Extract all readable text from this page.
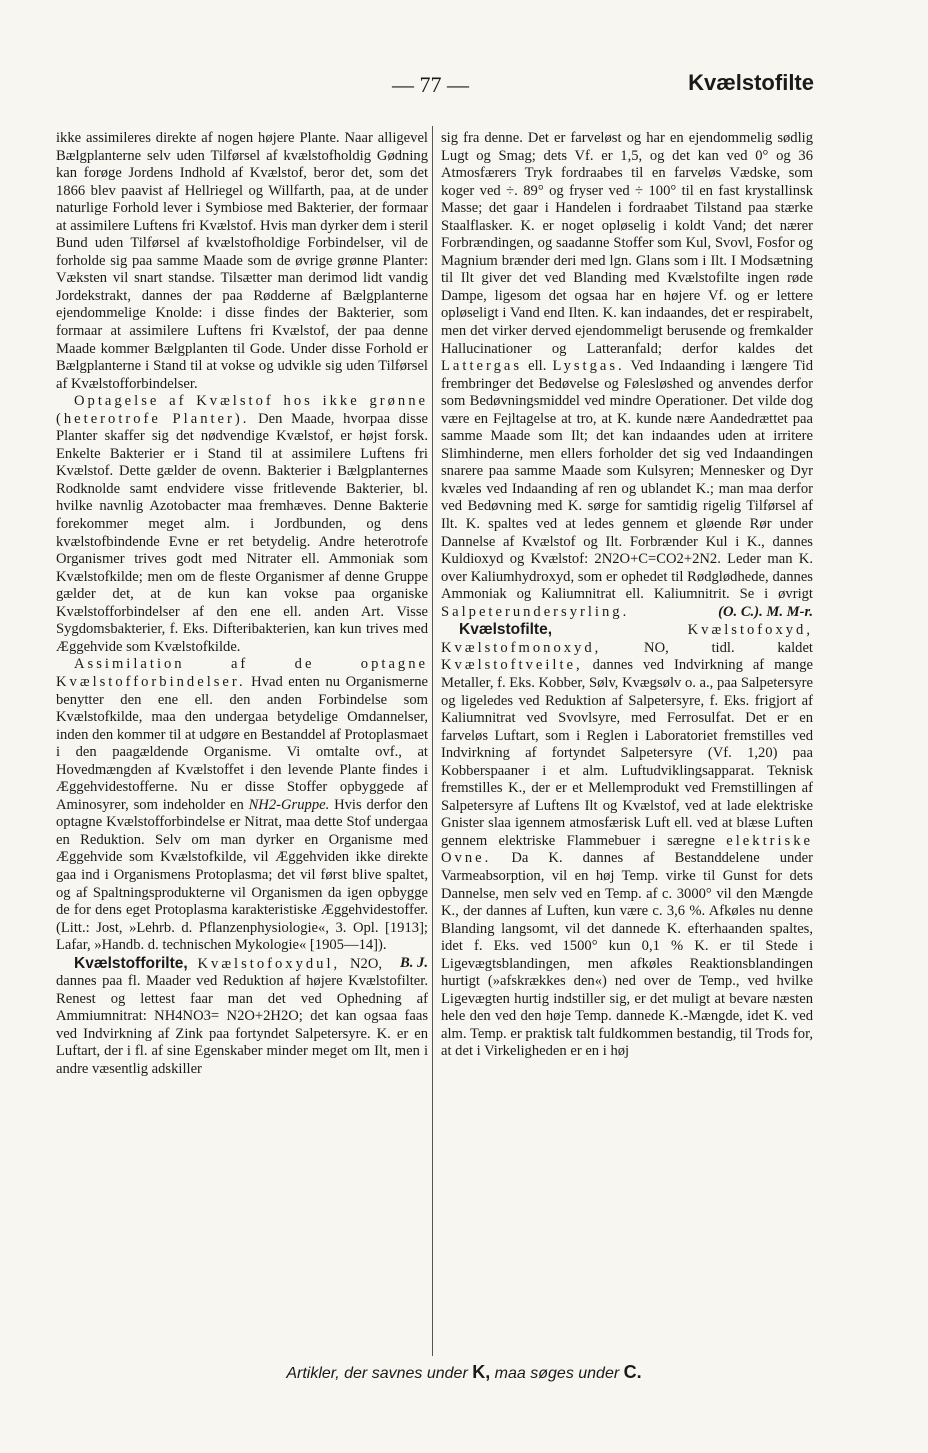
— 77 —	Kvælstofilte

ikke assimileres direkte af nogen højere Plante. Naar alligevel Bælgplanterne selv uden Tilførsel af kvælstofholdig Gødning kan forøge Jordens Indhold af Kvælstof, beror det, som det 1866 blev paavist af Hellriegel og Willfarth, paa, at de under naturlige Forhold lever i Symbiose med Bakterier, der formaar at assimilere Luftens fri Kvælstof. Hvis man dyrker dem i steril Bund uden Tilførsel af kvælstofholdige Forbindelser, vil de forholde sig paa samme Maade som de øvrige grønne Planter: Væksten vil snart standse. Tilsætter man derimod lidt vandig Jordekstrakt, dannes der paa Rødderne af Bælgplanterne ejendommelige Knolde: i disse findes der Bakterier, som formaar at assimilere Luftens fri Kvælstof, der paa denne Maade kommer Bælgplanten til Gode. Under disse Forhold er Bælgplanterne i Stand til at vokse og udvikle sig uden Tilførsel af Kvælstofforbindelser.

Optagelse af Kvælstof hos ikke grønne (heterotrofe Planter). Den Maade, hvorpaa disse Planter skaffer sig det nødvendige Kvælstof, er højst forsk. Enkelte Bakterier er i Stand til at assimilere Luftens fri Kvælstof. Dette gælder de ovenn. Bakterier i Bælgplanternes Rodknolde samt endvidere visse fritlevende Bakterier, bl. hvilke navnlig Azotobacter maa fremhæves. Denne Bakterie forekommer meget alm. i Jordbunden, og dens kvælstofbindende Evne er ret betydelig. Andre heterotrofe Organismer trives godt med Nitrater ell. Ammoniak som Kvælstofkilde; men om de fleste Organismer af denne Gruppe gælder det, at de kun kan vokse paa organiske Kvælstofforbindelser af den ene ell. anden Art. Visse Sygdomsbakterier, f. Eks. Difteribakterien, kan kun trives med Æggehvide som Kvælstofkilde.

Assimilation af de optagne Kvælstofforbindelser. Hvad enten nu Organismerne benytter den ene ell. den anden Forbindelse som Kvælstofkilde, maa den undergaa betydelige Omdannelser, inden den kommer til at udgøre en Bestanddel af Protoplasmaet i den paagældende Organisme. Vi omtalte ovf., at Hovedmængden af Kvælstoffet i den levende Plante findes i Æggehvidestofferne. Nu er disse Stoffer opbyggede af Aminosyrer, som indeholder en NH2-Gruppe. Hvis derfor den optagne Kvælstofforbindelse er Nitrat, maa dette Stof undergaa en Reduktion. Selv om man dyrker en Organisme med Æggehvide som Kvælstofkilde, vil Æggehviden ikke direkte gaa ind i Organismens Protoplasma; det vil først blive spaltet, og af Spaltningsprodukterne vil Organismen da igen opbygge de for dens eget Protoplasma karakteristiske Æggehvidestoffer. (Litt.: Jost, »Lehrb. d. Pflanzenphysiologie«, 3. Opl. [1913]; Lafar, »Handb. d. technischen Mykologie« [1905—14]).
B. J.

Kvælstofforilte, Kvælstofoxydul, N2O, dannes paa fl. Maader ved Reduktion af højere Kvælstofilter. Renest og lettest faar man det ved Ophedning af Ammiumnitrat: NH4NO3= N2O+2H2O; det kan ogsaa faas ved Indvirkning af Zink paa fortyndet Salpetersyre. K. er en Luftart, der i fl. af sine Egenskaber minder meget om Ilt, men i andre væsentlig adskiller

sig fra denne. Det er farveløst og har en ejendommelig sødlig Lugt og Smag; dets Vf. er 1,5, og det kan ved 0° og 36 Atmosfærers Tryk fordraabes til en farveløs Vædske, som koger ved ÷. 89° og fryser ved ÷ 100° til en fast krystallinsk Masse; det gaar i Handelen i fordraabet Tilstand paa stærke Staalflasker. K. er noget opløselig i koldt Vand; det nærer Forbrændingen, og saadanne Stoffer som Kul, Svovl, Fosfor og Magnium brænder deri med lgn. Glans som i Ilt. I Modsætning til Ilt giver det ved Blanding med Kvælstofilte ingen røde Dampe, ligesom det ogsaa har en højere Vf. og er lettere opløseligt i Vand end Ilten. K. kan indaandes, det er respirabelt, men det virker derved ejendommeligt berusende og fremkalder Hallucinationer og Latteranfald; derfor kaldes det Lattergas ell. Lystgas. Ved Indaanding i længere Tid frembringer det Bedøvelse og Følesløshed og anvendes derfor som Bedøvningsmiddel ved mindre Operationer. Det vilde dog være en Fejltagelse at tro, at K. kunde nære Aandedrættet paa samme Maade som Ilt; det kan indaandes uden at irritere Slimhinderne, men ellers forholder det sig ved Indaandingen snarere paa samme Maade som Kulsyren; Mennesker og Dyr kvæles ved Indaanding af ren og ublandet K.; man maa derfor ved Bedøvning med K. sørge for samtidig rigelig Tilførsel af Ilt. K. spaltes ved at ledes gennem et gløende Rør under Dannelse af Kvælstof og Ilt. Forbrænder Kul i K., dannes Kuldioxyd og Kvælstof: 2N2O+C=CO2+2N2. Leder man K. over Kaliumhydroxyd, som er ophedet til Rødglødhede, dannes Ammoniak og Kaliumnitrat ell. Kaliumnitrit. Se i øvrigt Salpeterundersyrling.	(O. C.). M. M-r.

Kvælstofilte,	Kvælstofoxyd, Kvælstofmonoxyd,	NO, tidl. kaldet Kvælstoftveilte, dannes ved Indvirkning af mange Metaller, f. Eks. Kobber, Sølv, Kvægsølv o. a., paa Salpetersyre og ligeledes ved Reduktion af Salpetersyre, f. Eks. frigjort af Kaliumnitrat ved Svovlsyre, med Ferrosulfat. Det er en farveløs Luftart, som i Reglen i Laboratoriet fremstilles ved Indvirkning af fortyndet Salpetersyre (Vf. 1,20) paa Kobberspaaner i et alm. Luftudviklingsapparat. Teknisk fremstilles K., der er et Mellemprodukt ved Fremstillingen af Salpetersyre af Luftens Ilt og Kvælstof, ved at lade elektriske Gnister slaa igennem atmosfærisk Luft ell. ved at blæse Luften gennem elektriske Flammebuer i særegne elektriske Ovne. Da K. dannes af Bestanddelene under Varmeabsorption, vil en høj Temp. virke til Gunst for dets Dannelse, men selv ved en Temp. af c. 3000° vil den Mængde K., der dannes af Luften, kun være c. 3,6 %. Afkøles nu denne Blanding langsomt, vil det dannede K. efterhaanden spaltes, idet f. Eks. ved 1500° kun 0,1 % K. er til Stede i Ligevægtsblandingen, men afkøles Reaktionsblandingen hurtigt (»afskrækkes den«) ned over de Temp., ved hvilke Ligevægten hurtig indstiller sig, er det muligt at bevare næsten hele den ved den høje Temp. dannede K.-Mængde, idet K. ved alm. Temp. er praktisk talt fuldkommen bestandig, til Trods for, at det i Virkeligheden er en i høj

Artikler, der savnes under K, maa søges under C.
